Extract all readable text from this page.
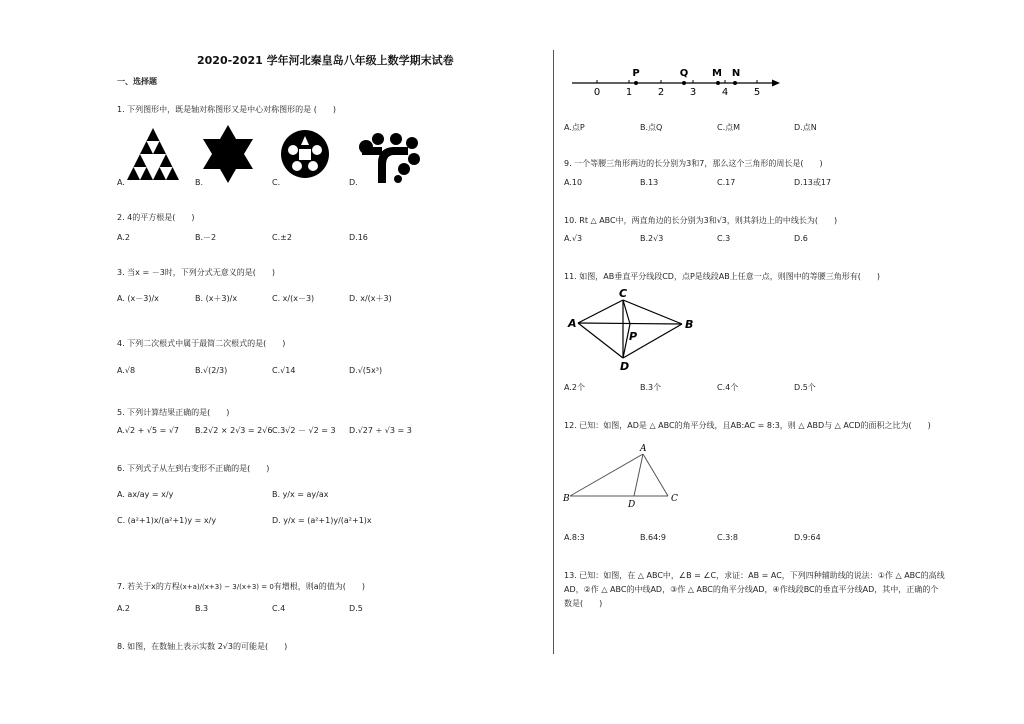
2020-2021 学年河北秦皇岛八年级上数学期末试卷
一、选择题
1. 下列图形中，既是轴对称图形又是中心对称图形的是 (　　)
A.	B.	C.	D.
2. 4的平方根是(　　)
A.2	B.－2	C.±2	D.16
3. 当x = －3时，下列分式无意义的是(　　)
A. (x－3)/x	B. (x＋3)/x	C. x/(x－3)	D. x/(x＋3)
4. 下列二次根式中属于最简二次根式的是(　　)
A.√8	B.√(2/3)	C.√14	D.√(5x³)
5. 下列计算结果正确的是(　　)
A.√2 + √5 = √7 B.2√2 × 2√3 = 2√6 C.3√2 － √2 = 3 D.√27 ÷ √3 = 3
6. 下列式子从左到右变形不正确的是(　　)
A. ax/ay = x/y	B. y/x = ay/ax
C. (a²+1)x/(a²+1)y = x/y	D. y/x = (a²+1)y/(a²+1)x
7. 若关于x的方程(x+a)/(x+3) − 3/(x+3) = 0有增根，则a的值为(　　)
A.2	B.3	C.4	D.5
8. 如图，在数轴上表示实数 2√3的可能是(　　)
0	1	2	3	4	5
P	Q M N
A.点P	B.点Q	C.点M	D.点N
9. 一个等腰三角形两边的长分别为3和7，那么这个三角形的周长是(　　)
A.10	B.13	C.17	D.13或17
10. Rt △ ABC中，两直角边的长分别为3和√3，则其斜边上的中线长为(　　)
A.√3	B.2√3	C.3	D.6
11. 如图，AB垂直平分线段CD，点P是线段AB上任意一点，则图中的等腰三角形有(　　)
C
A
P
B
D
A.2个	B.3个	C.4个	D.5个
12. 已知：如图，AD是 △ ABC的角平分线，且AB:AC = 8:3，则 △ ABD与 △ ACD的面积之比为(　　)
A
B
D
C
A.8:3	B.64:9	C.3:8	D.9:64
13. 已知：如图，在 △ ABC中，∠B = ∠C，求证：AB = AC，下列四种辅助线的说法：①作 △ ABC的高线
AD，②作 △ ABC的中线AD，③作 △ ABC的角平分线AD，④作线段BC的垂直平分线AD，其中，正确的个
数是(　　)
